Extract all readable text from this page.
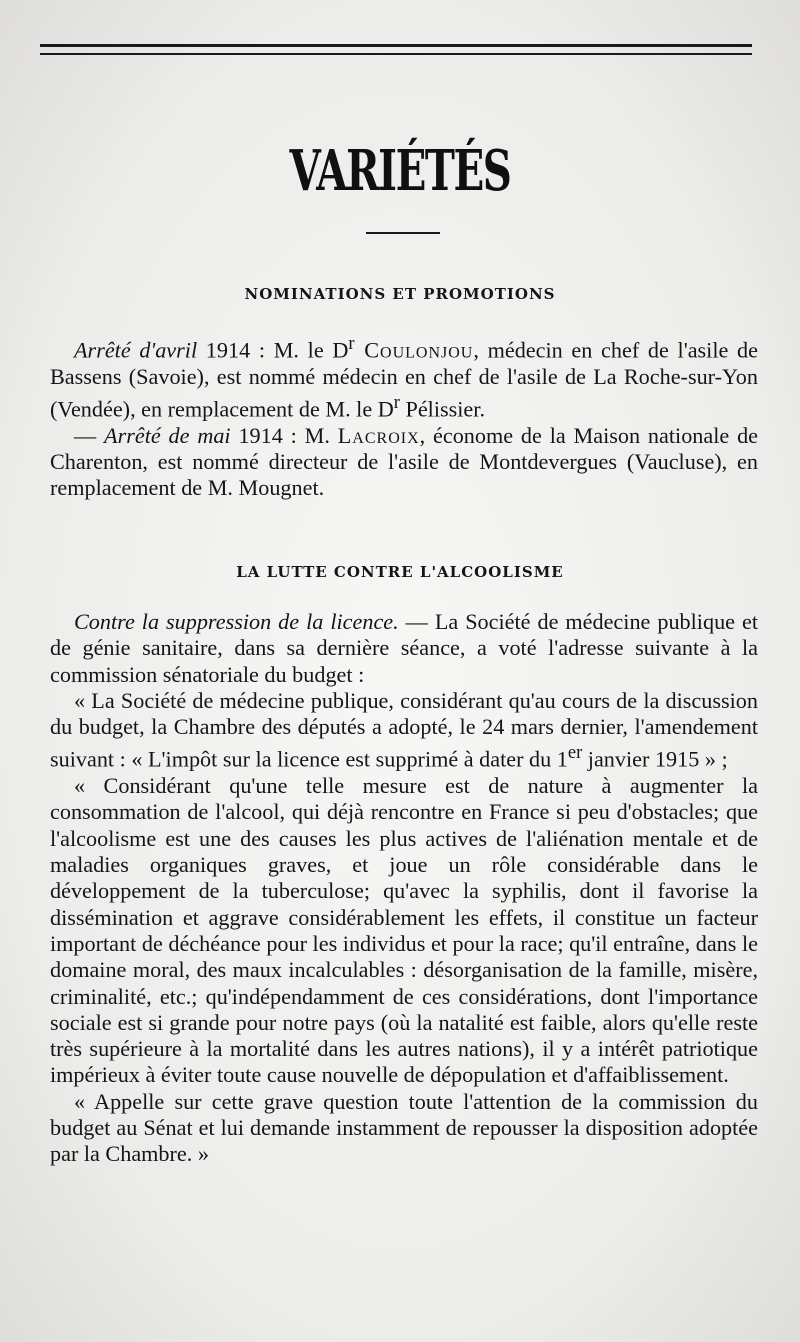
VARIÉTÉS
NOMINATIONS ET PROMOTIONS

Arrêté d'avril 1914 : M. le $D^r$ Coulonjou, médecin en chef de l'asile de Bassens (Savoie), est nommé médecin en chef de l'asile de La Roche-sur-Yon (Vendée), en remplacement de M. le $D^r$ Pélissier.

— Arrêté de mai 1914 : M. Lacroix, économe de la Maison nationale de Charenton, est nommé directeur de l'asile de Montdevergues (Vaucluse), en remplacement de M. Mougnet.

LA LUTTE CONTRE L'ALCOOLISME

Contre la suppression de la licence. — La Société de médecine publique et de génie sanitaire, dans sa dernière séance, a voté l'adresse suivante à la commission sénatoriale du budget :

« La Société de médecine publique, considérant qu'au cours de la discussion du budget, la Chambre des députés a adopté, le 24 mars dernier, l'amendement suivant : « L'impôt sur la licence est supprimé à dater du 1er janvier 1915 » ;

« Considérant qu'une telle mesure est de nature à augmenter la consommation de l'alcool, qui déjà rencontre en France si peu d'obstacles; que l'alcoolisme est une des causes les plus actives de l'aliénation mentale et de maladies organiques graves, et joue un rôle considérable dans le développement de la tuberculose; qu'avec la syphilis, dont il favorise la dissémination et aggrave considérablement les effets, il constitue un facteur important de déchéance pour les individus et pour la race; qu'il entraîne, dans le domaine moral, des maux incalculables : désorganisation de la famille, misère, criminalité, etc.; qu'indépendamment de ces considérations, dont l'importance sociale est si grande pour notre pays (où la natalité est faible, alors qu'elle reste très supérieure à la mortalité dans les autres nations), il y a intérêt patriotique impérieux à éviter toute cause nouvelle de dépopulation et d'affaiblissement.

« Appelle sur cette grave question toute l'attention de la commission du budget au Sénat et lui demande instamment de repousser la disposition adoptée par la Chambre. »
